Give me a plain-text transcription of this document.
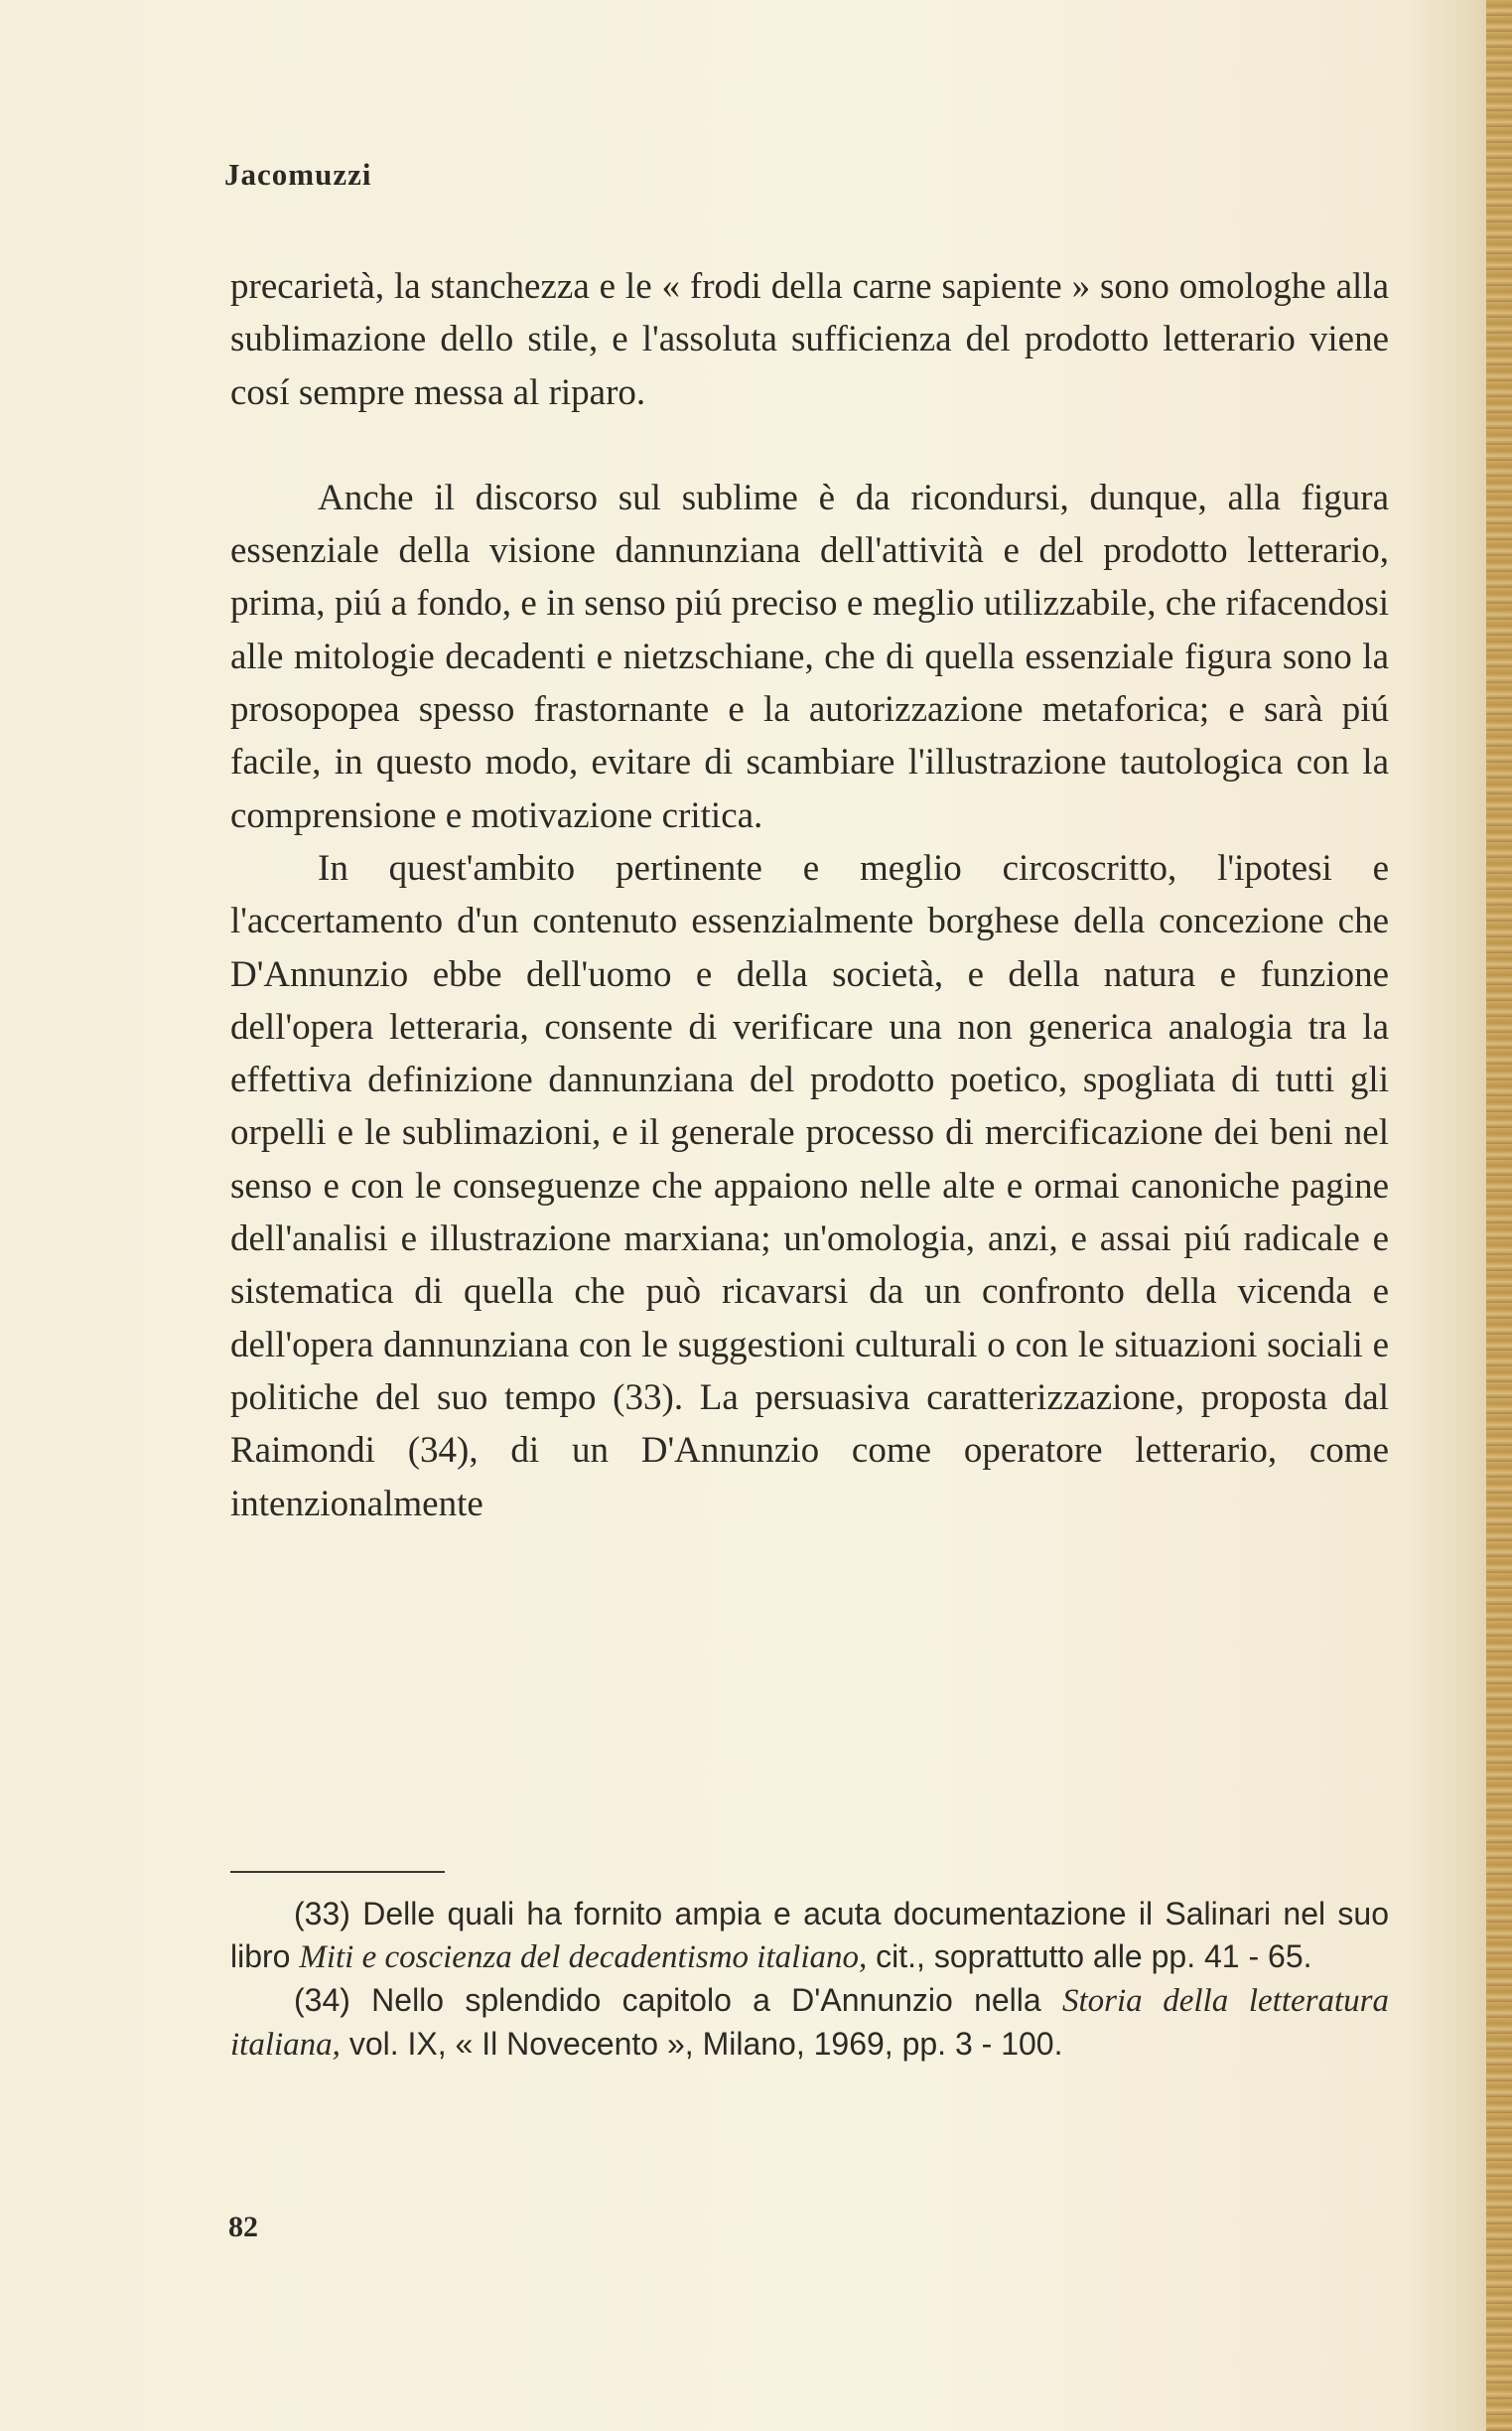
Jacomuzzi

precarietà, la stanchezza e le « frodi della carne sapiente » sono omologhe alla sublimazione dello stile, e l'assoluta sufficienza del prodotto letterario viene cosí sempre messa al riparo.

Anche il discorso sul sublime è da ricondursi, dunque, alla figura essenziale della visione dannunziana dell'attività e del prodotto letterario, prima, piú a fondo, e in senso piú preciso e meglio utilizzabile, che rifacendosi alle mitologie decadenti e nietzschiane, che di quella essenziale figura sono la prosopopea spesso frastornante e la autorizzazione metaforica; e sarà piú facile, in questo modo, evitare di scambiare l'illustrazione tautologica con la comprensione e motivazione critica.

In quest'ambito pertinente e meglio circoscritto, l'ipotesi e l'accertamento d'un contenuto essenzialmente borghese della concezione che D'Annunzio ebbe dell'uomo e della società, e della natura e funzione dell'opera letteraria, consente di verificare una non generica analogia tra la effettiva definizione dannunziana del prodotto poetico, spogliata di tutti gli orpelli e le sublimazioni, e il generale processo di mercificazione dei beni nel senso e con le conseguenze che appaiono nelle alte e ormai canoniche pagine dell'analisi e illustrazione marxiana; un'omologia, anzi, e assai piú radicale e sistematica di quella che può ricavarsi da un confronto della vicenda e dell'opera dannunziana con le suggestioni culturali o con le situazioni sociali e politiche del suo tempo (33). La persuasiva caratterizzazione, proposta dal Raimondi (34), di un D'Annunzio come operatore letterario, come intenzionalmente

(33) Delle quali ha fornito ampia e acuta documentazione il Salinari nel suo libro Miti e coscienza del decadentismo italiano, cit., soprattutto alle pp. 41 - 65.

(34) Nello splendido capitolo a D'Annunzio nella Storia della letteratura italiana, vol. IX, « Il Novecento », Milano, 1969, pp. 3 - 100.

82
